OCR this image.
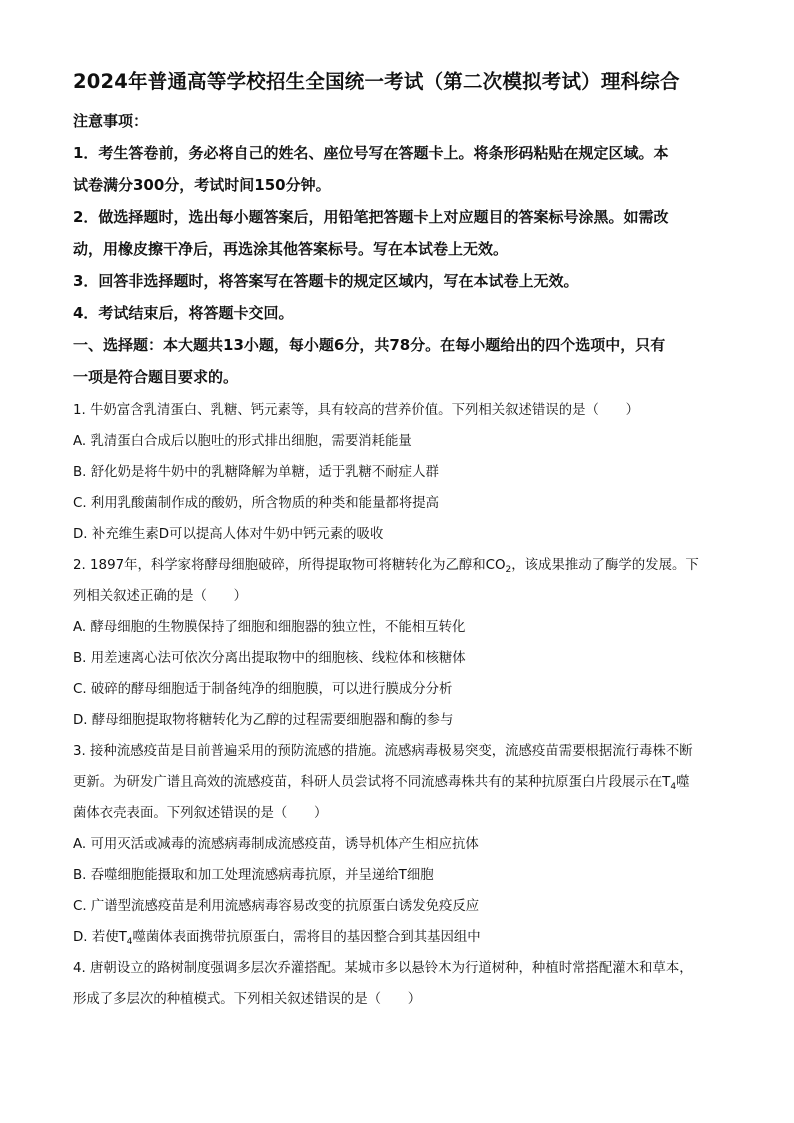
2024年普通高等学校招生全国统一考试（第二次模拟考试）理科综合
注意事项：
1．考生答卷前，务必将自己的姓名、座位号写在答题卡上。将条形码粘贴在规定区域。本
试卷满分300分，考试时间150分钟。
2．做选择题时，选出每小题答案后，用铅笔把答题卡上对应题目的答案标号涂黑。如需改
动，用橡皮擦干净后，再选涂其他答案标号。写在本试卷上无效。
3．回答非选择题时，将答案写在答题卡的规定区域内，写在本试卷上无效。
4．考试结束后，将答题卡交回。
一、选择题：本大题共13小题，每小题6分，共78分。在每小题给出的四个选项中，只有
一项是符合题目要求的。
1. 牛奶富含乳清蛋白、乳糖、钙元素等，具有较高的营养价值。下列相关叙述错误的是（　　）
A. 乳清蛋白合成后以胞吐的形式排出细胞，需要消耗能量
B. 舒化奶是将牛奶中的乳糖降解为单糖，适于乳糖不耐症人群
C. 利用乳酸菌制作成的酸奶，所含物质的种类和能量都将提高
D. 补充维生素D可以提高人体对牛奶中钙元素的吸收
2. 1897年，科学家将酵母细胞破碎，所得提取物可将糖转化为乙醇和$CO_2$，该成果推动了酶学的发展。下
列相关叙述正确的是（　　）
A. 酵母细胞的生物膜保持了细胞和细胞器的独立性，不能相互转化
B. 用差速离心法可依次分离出提取物中的细胞核、线粒体和核糖体
C. 破碎的酵母细胞适于制备纯净的细胞膜，可以进行膜成分分析
D. 酵母细胞提取物将糖转化为乙醇的过程需要细胞器和酶的参与
3. 接种流感疫苗是目前普遍采用的预防流感的措施。流感病毒极易突变，流感疫苗需要根据流行毒株不断
更新。为研发广谱且高效的流感疫苗，科研人员尝试将不同流感毒株共有的某种抗原蛋白片段展示在$T_4$噬
菌体衣壳表面。下列叙述错误的是（　　）
A. 可用灭活或减毒的流感病毒制成流感疫苗，诱导机体产生相应抗体
B. 吞噬细胞能摄取和加工处理流感病毒抗原，并呈递给T细胞
C. 广谱型流感疫苗是利用流感病毒容易改变的抗原蛋白诱发免疫反应
D. 若使$T_4$噬菌体表面携带抗原蛋白，需将目的基因整合到其基因组中
4. 唐朝设立的路树制度强调多层次乔灌搭配。某城市多以悬铃木为行道树种，种植时常搭配灌木和草本，
形成了多层次的种植模式。下列相关叙述错误的是（　　）
